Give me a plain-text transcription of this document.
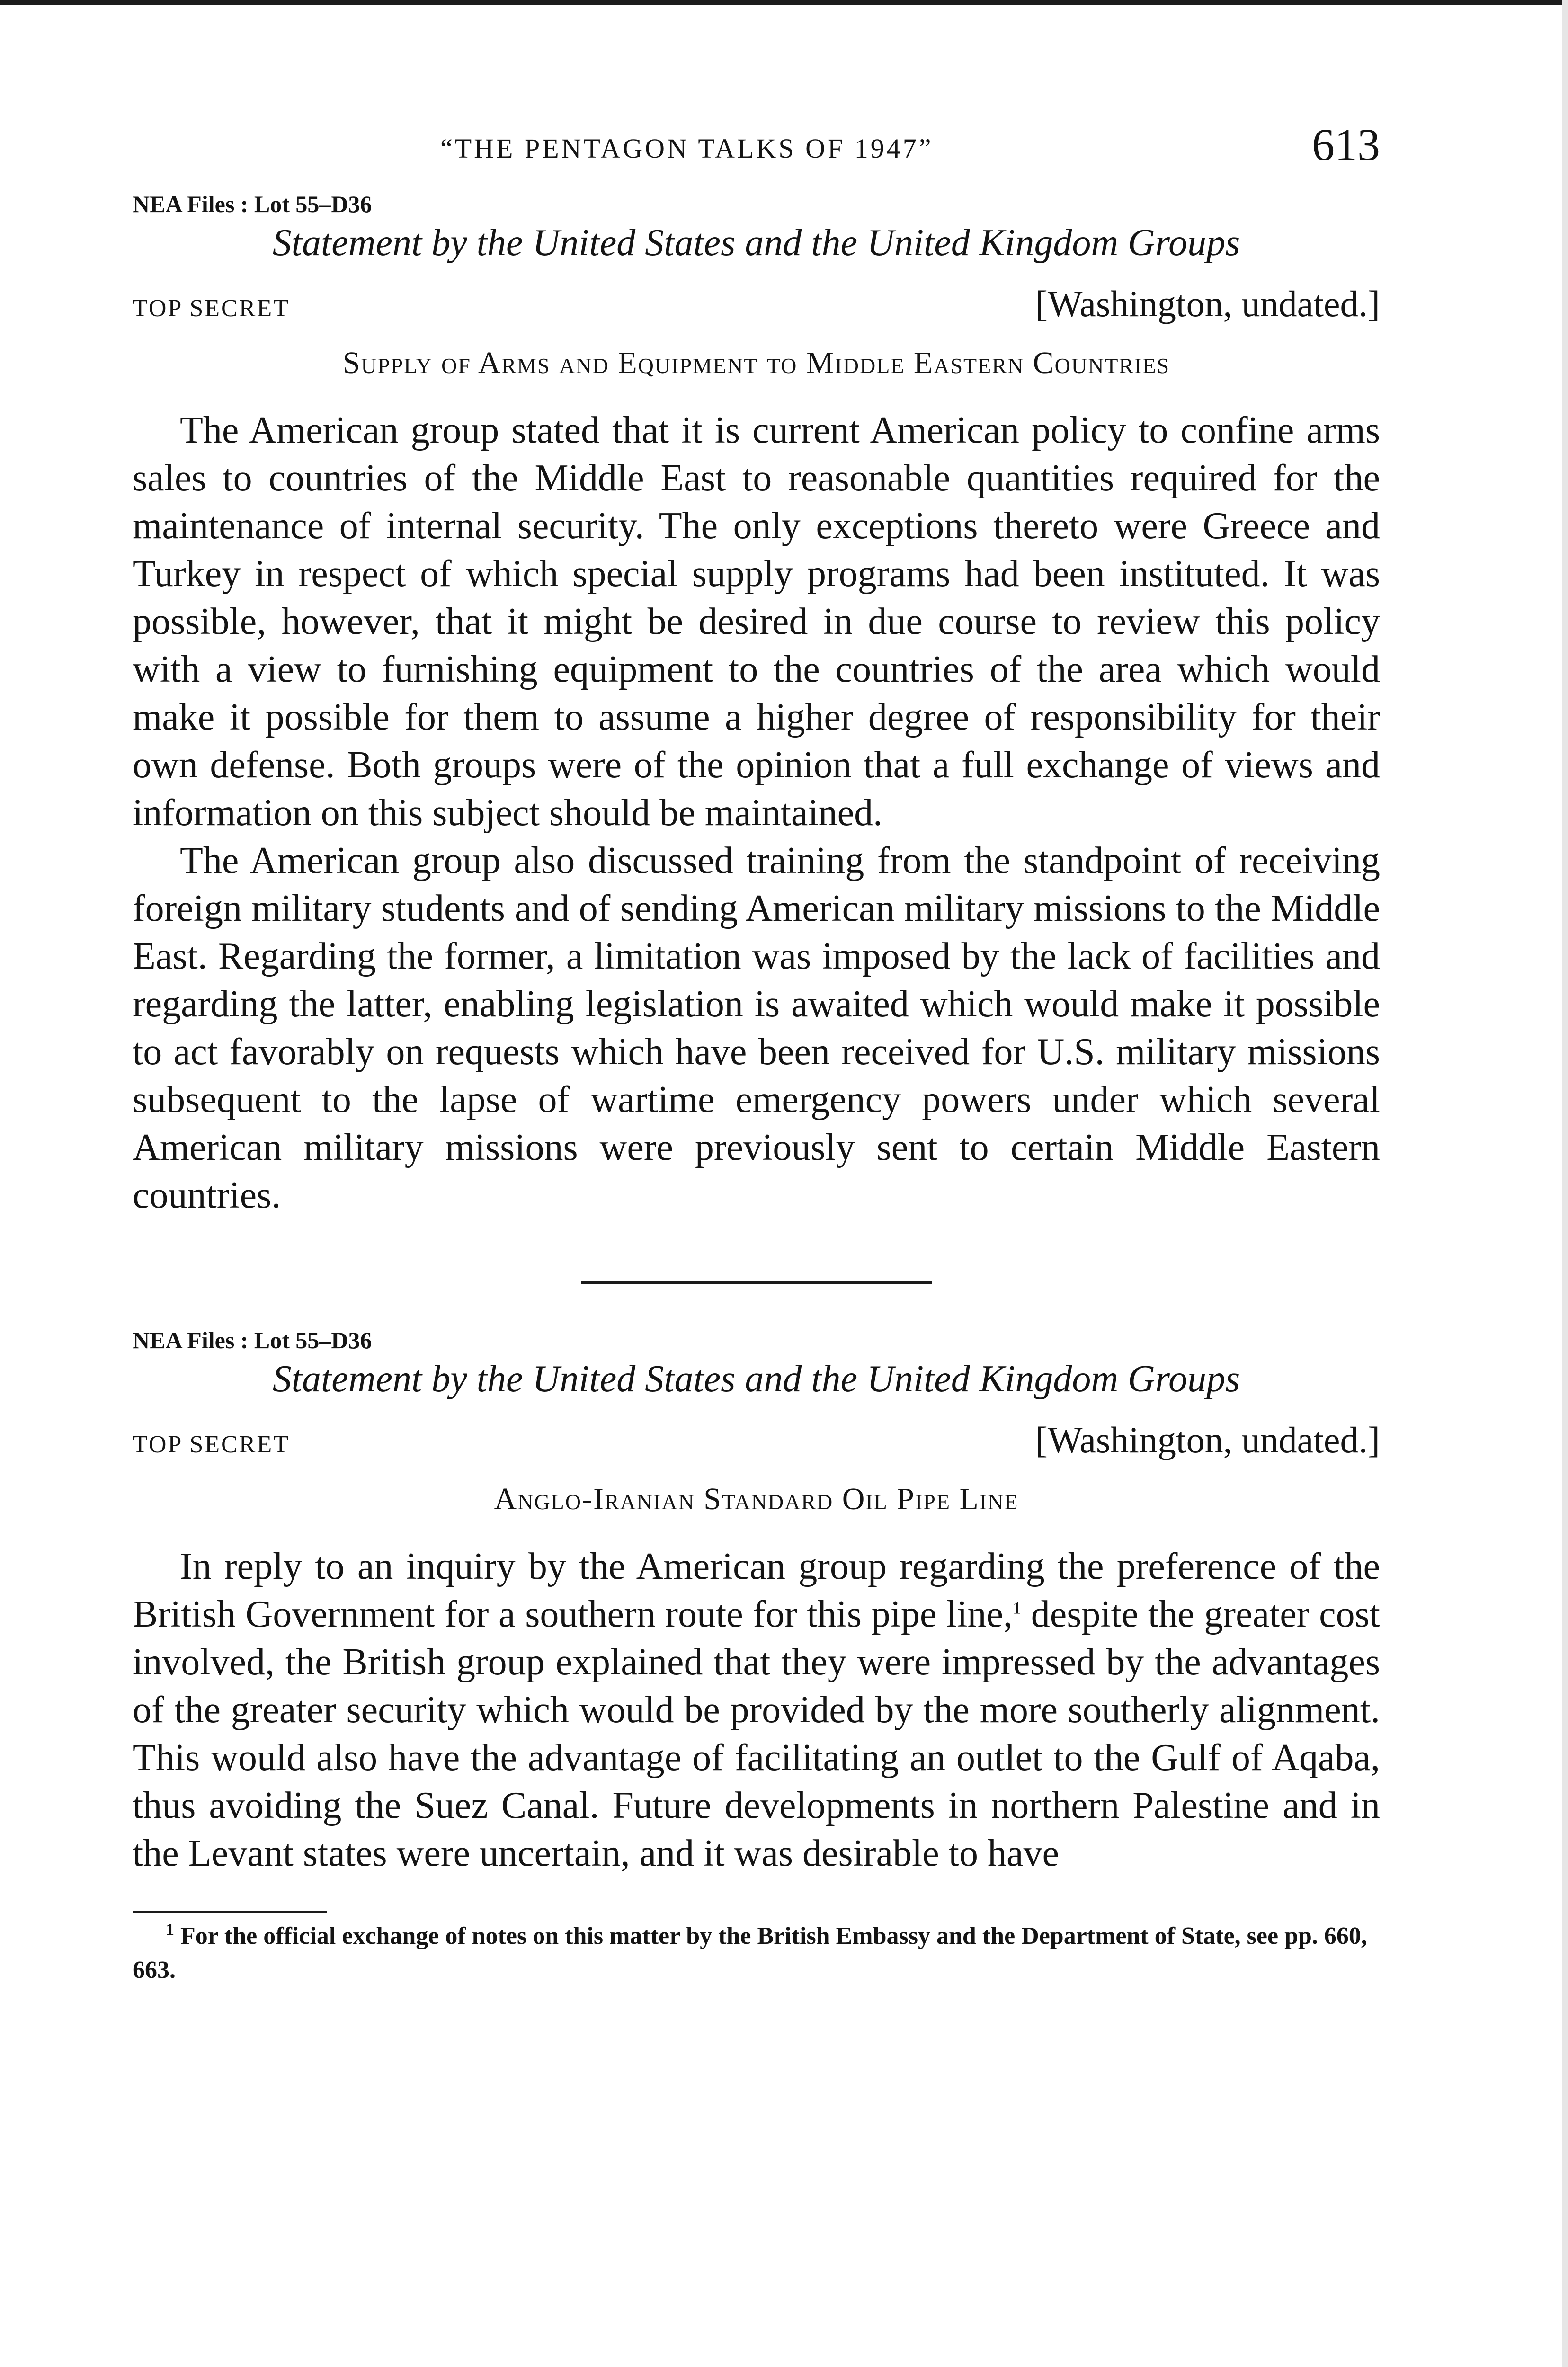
“THE PENTAGON TALKS OF 1947”	613
NEA Files : Lot 55–D36
Statement by the United States and the United Kingdom Groups
TOP SECRET	[Washington, undated.]
Supply of Arms and Equipment to Middle Eastern Countries

The American group stated that it is current American policy to confine arms sales to countries of the Middle East to reasonable quantities required for the maintenance of internal security. The only exceptions thereto were Greece and Turkey in respect of which special supply programs had been instituted. It was possible, however, that it might be desired in due course to review this policy with a view to furnishing equipment to the countries of the area which would make it possible for them to assume a higher degree of responsibility for their own defense. Both groups were of the opinion that a full exchange of views and information on this subject should be maintained.

The American group also discussed training from the standpoint of receiving foreign military students and of sending American military missions to the Middle East. Regarding the former, a limitation was imposed by the lack of facilities and regarding the latter, enabling legislation is awaited which would make it possible to act favorably on requests which have been received for U.S. military missions subsequent to the lapse of wartime emergency powers under which several American military missions were previously sent to certain Middle Eastern countries.

NEA Files : Lot 55–D36
Statement by the United States and the United Kingdom Groups
TOP SECRET	[Washington, undated.]
Anglo-Iranian Standard Oil Pipe Line

In reply to an inquiry by the American group regarding the preference of the British Government for a southern route for this pipe line,$^1$ despite the greater cost involved, the British group explained that they were impressed by the advantages of the greater security which would be provided by the more southerly alignment. This would also have the advantage of facilitating an outlet to the Gulf of Aqaba, thus avoiding the Suez Canal. Future developments in northern Palestine and in the Levant states were uncertain, and it was desirable to have

$^1$ For the official exchange of notes on this matter by the British Embassy and the Department of State, see pp. 660, 663.
